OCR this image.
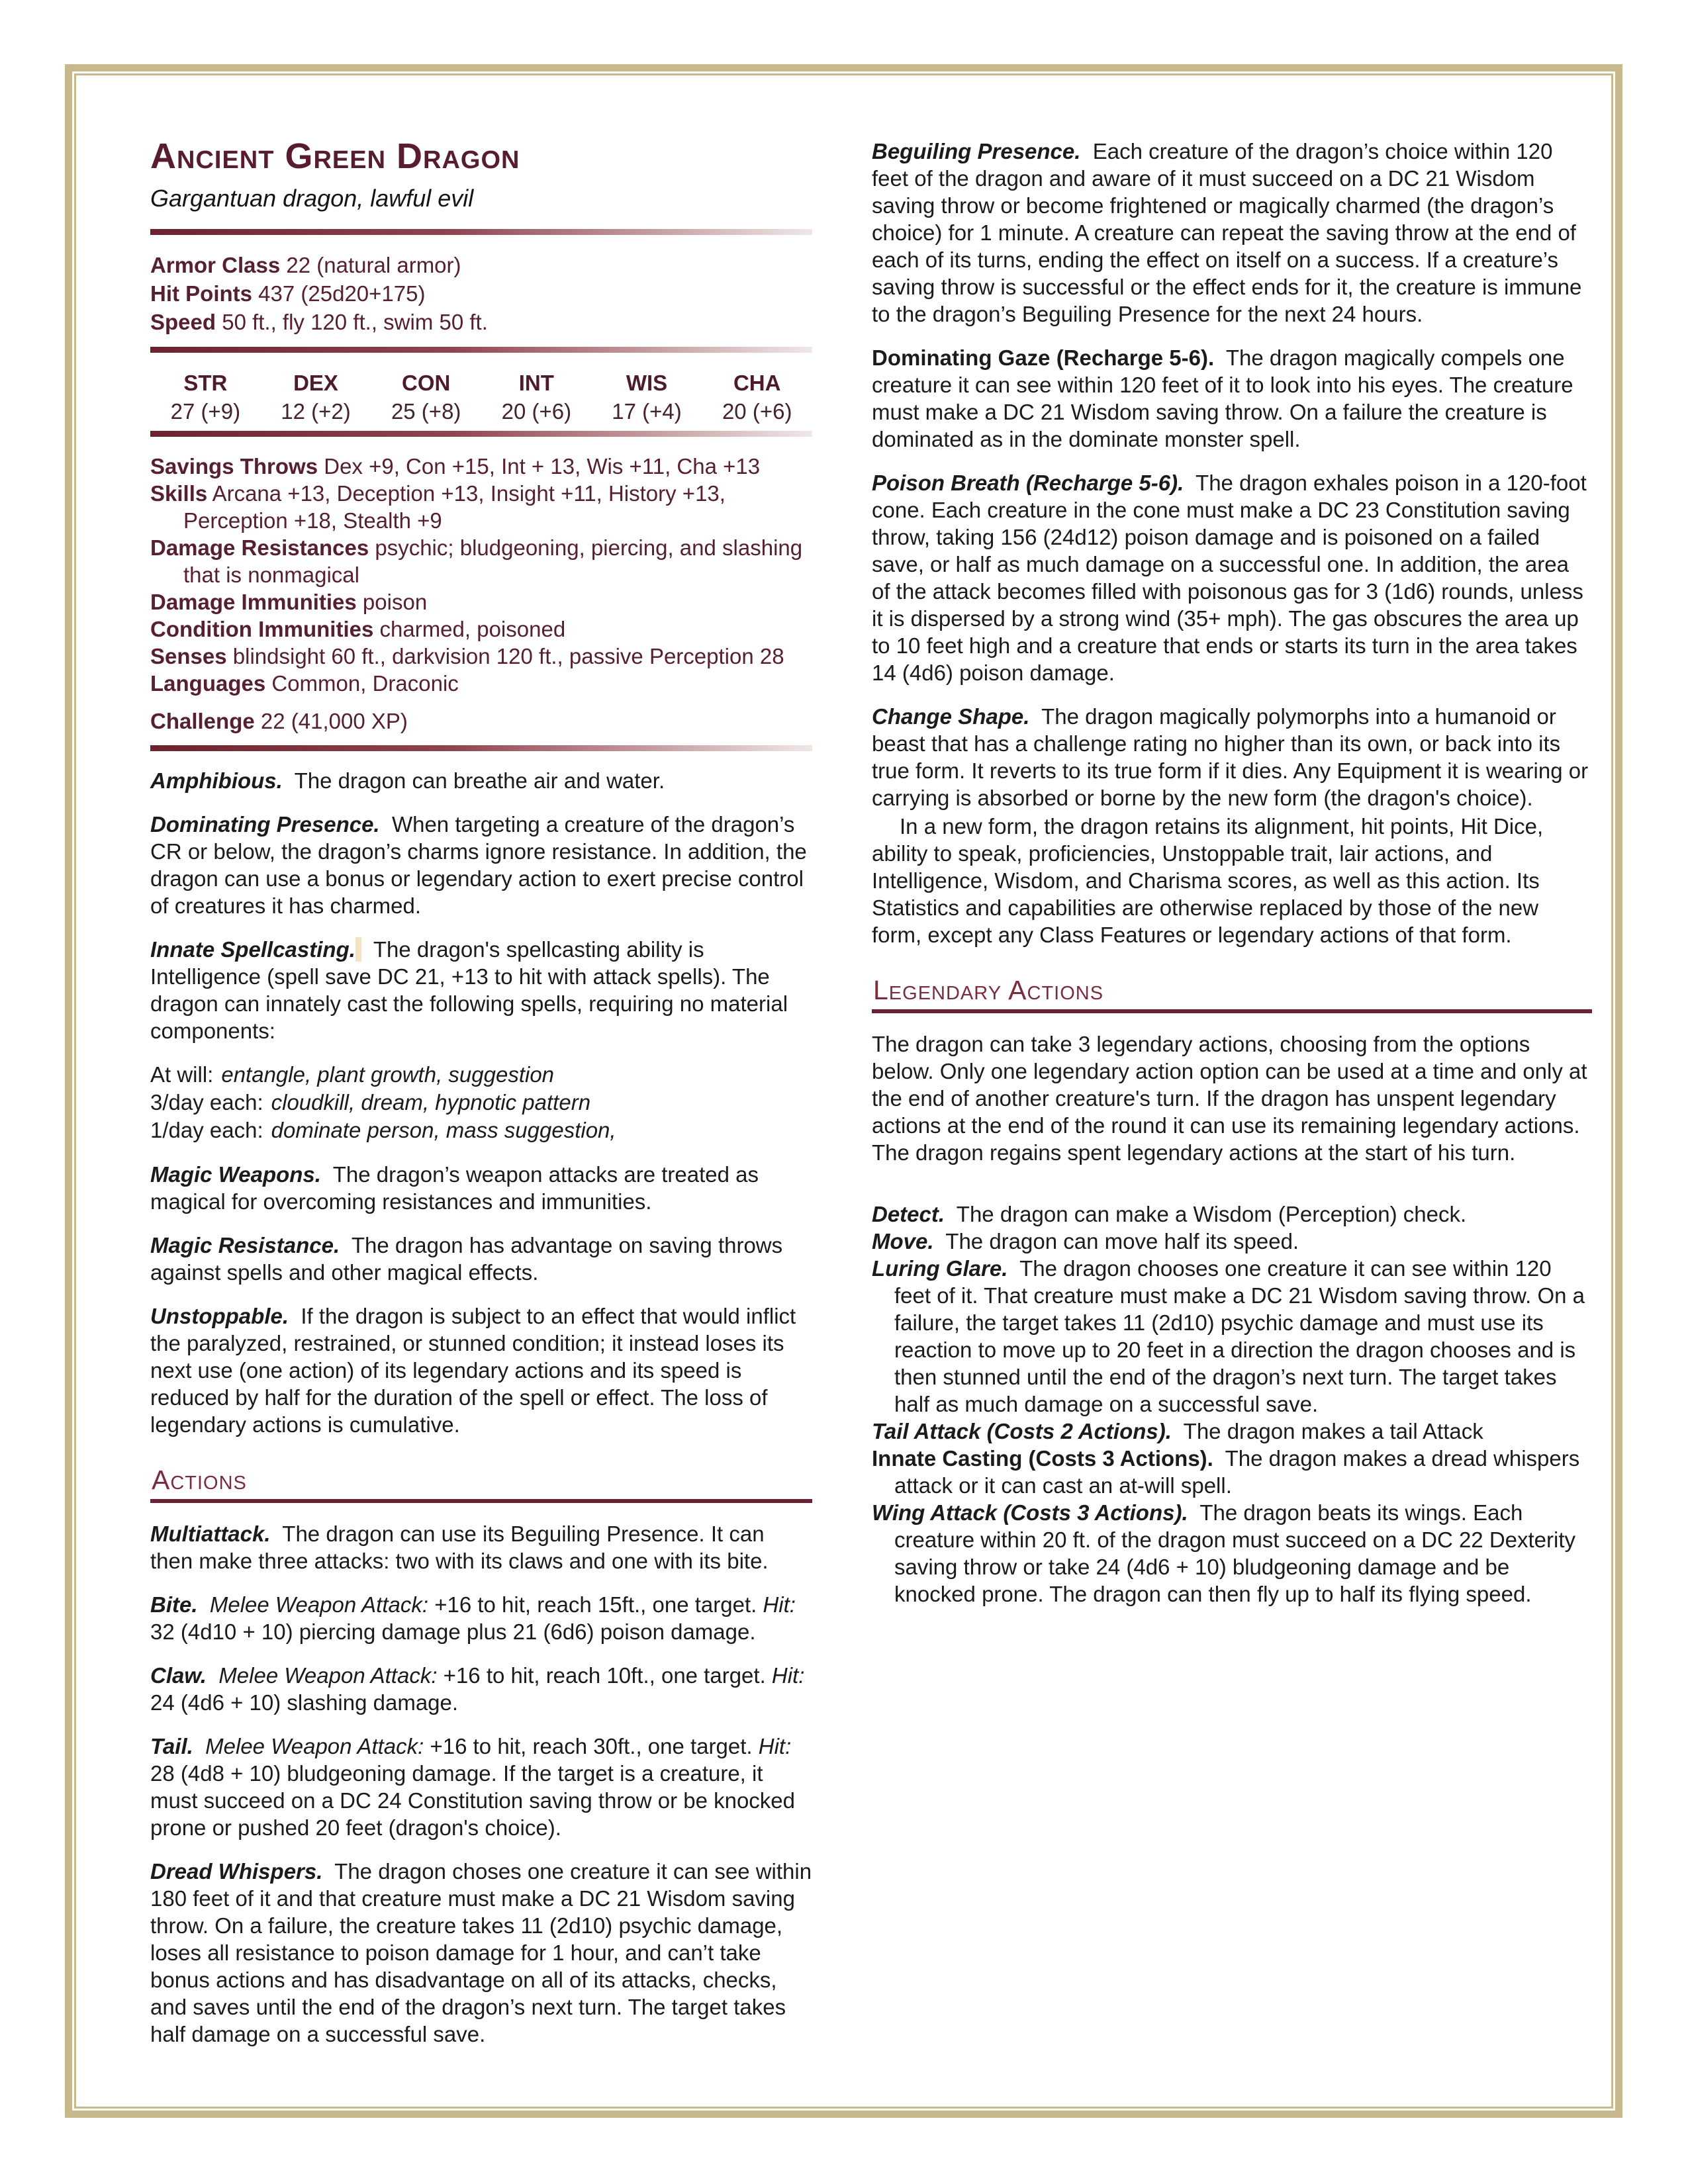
Ancient Green Dragon
Gargantuan dragon, lawful evil
Armor Class 22 (natural armor)
Hit Points 437 (25d20+175)
Speed 50 ft., fly 120 ft., swim 50 ft.
STR
27 (+9)
DEX
12 (+2)
CON
25 (+8)
INT
20 (+6)
WIS
17 (+4)
CHA
20 (+6)
Savings Throws Dex +9, Con +15, Int + 13, Wis +11, Cha +13
Skills Arcana +13, Deception +13, Insight +11, History +13, Perception +18, Stealth +9
Damage Resistances psychic; bludgeoning, piercing, and slashing that is nonmagical
Damage Immunities poison
Condition Immunities charmed, poisoned
Senses blindsight 60 ft., darkvision 120 ft., passive Perception 28
Languages Common, Draconic
Challenge 22 (41,000 XP)

Amphibious. The dragon can breathe air and water.

Dominating Presence. When targeting a creature of the dragon’s CR or below, the dragon’s charms ignore resistance. In addition, the dragon can use a bonus or legendary action to exert precise control of creatures it has charmed.

Innate Spellcasting. The dragon's spellcasting ability is Intelligence (spell save DC 21, +13 to hit with attack spells). The dragon can innately cast the following spells, requiring no material components:

At will: entangle, plant growth, suggestion
3/day each: cloudkill, dream, hypnotic pattern
1/day each: dominate person, mass suggestion,

Magic Weapons. The dragon’s weapon attacks are treated as magical for overcoming resistances and immunities.

Magic Resistance. The dragon has advantage on saving throws against spells and other magical effects.

Unstoppable. If the dragon is subject to an effect that would inflict the paralyzed, restrained, or stunned condition; it instead loses its next use (one action) of its legendary actions and its speed is reduced by half for the duration of the spell or effect. The loss of legendary actions is cumulative.

Actions

Multiattack. The dragon can use its Beguiling Presence. It can then make three attacks: two with its claws and one with its bite.

Bite. Melee Weapon Attack: +16 to hit, reach 15ft., one target. Hit: 32 (4d10 + 10) piercing damage plus 21 (6d6) poison damage.

Claw. Melee Weapon Attack: +16 to hit, reach 10ft., one target. Hit: 24 (4d6 + 10) slashing damage.

Tail. Melee Weapon Attack: +16 to hit, reach 30ft., one target. Hit: 28 (4d8 + 10) bludgeoning damage. If the target is a creature, it must succeed on a DC 24 Constitution saving throw or be knocked prone or pushed 20 feet (dragon's choice).

Dread Whispers. The dragon choses one creature it can see within 180 feet of it and that creature must make a DC 21 Wisdom saving throw. On a failure, the creature takes 11 (2d10) psychic damage, loses all resistance to poison damage for 1 hour, and can’t take bonus actions and has disadvantage on all of its attacks, checks, and saves until the end of the dragon’s next turn. The target takes half damage on a successful save.

Beguiling Presence. Each creature of the dragon’s choice within 120 feet of the dragon and aware of it must succeed on a DC 21 Wisdom saving throw or become frightened or magically charmed (the dragon’s choice) for 1 minute. A creature can repeat the saving throw at the end of each of its turns, ending the effect on itself on a success. If a creature’s saving throw is successful or the effect ends for it, the creature is immune to the dragon’s Beguiling Presence for the next 24 hours.

Dominating Gaze (Recharge 5-6). The dragon magically compels one creature it can see within 120 feet of it to look into his eyes. The creature must make a DC 21 Wisdom saving throw. On a failure the creature is dominated as in the dominate monster spell.

Poison Breath (Recharge 5-6). The dragon exhales poison in a 120-foot cone. Each creature in the cone must make a DC 23 Constitution saving throw, taking 156 (24d12) poison damage and is poisoned on a failed save, or half as much damage on a successful one. In addition, the area of the attack becomes filled with poisonous gas for 3 (1d6) rounds, unless it is dispersed by a strong wind (35+ mph). The gas obscures the area up to 10 feet high and a creature that ends or starts its turn in the area takes 14 (4d6) poison damage.

Change Shape. The dragon magically polymorphs into a humanoid or beast that has a challenge rating no higher than its own, or back into its true form. It reverts to its true form if it dies. Any Equipment it is wearing or carrying is absorbed or borne by the new form (the dragon's choice).

In a new form, the dragon retains its alignment, hit points, Hit Dice, ability to speak, proficiencies, Unstoppable trait, lair actions, and Intelligence, Wisdom, and Charisma scores, as well as this action. Its Statistics and capabilities are otherwise replaced by those of the new form, except any Class Features or legendary actions of that form.

Legendary Actions

The dragon can take 3 legendary actions, choosing from the options below. Only one legendary action option can be used at a time and only at the end of another creature's turn. If the dragon has unspent legendary actions at the end of the round it can use its remaining legendary actions. The dragon regains spent legendary actions at the start of his turn.

Detect. The dragon can make a Wisdom (Perception) check.

Move. The dragon can move half its speed.

Luring Glare. The dragon chooses one creature it can see within 120 feet of it. That creature must make a DC 21 Wisdom saving throw. On a failure, the target takes 11 (2d10) psychic damage and must use its reaction to move up to 20 feet in a direction the dragon chooses and is then stunned until the end of the dragon’s next turn. The target takes half as much damage on a successful save.

Tail Attack (Costs 2 Actions). The dragon makes a tail Attack

Innate Casting (Costs 3 Actions). The dragon makes a dread whispers attack or it can cast an at-will spell.

Wing Attack (Costs 3 Actions). The dragon beats its wings. Each creature within 20 ft. of the dragon must succeed on a DC 22 Dexterity saving throw or take 24 (4d6 + 10) bludgeoning damage and be knocked prone. The dragon can then fly up to half its flying speed.
